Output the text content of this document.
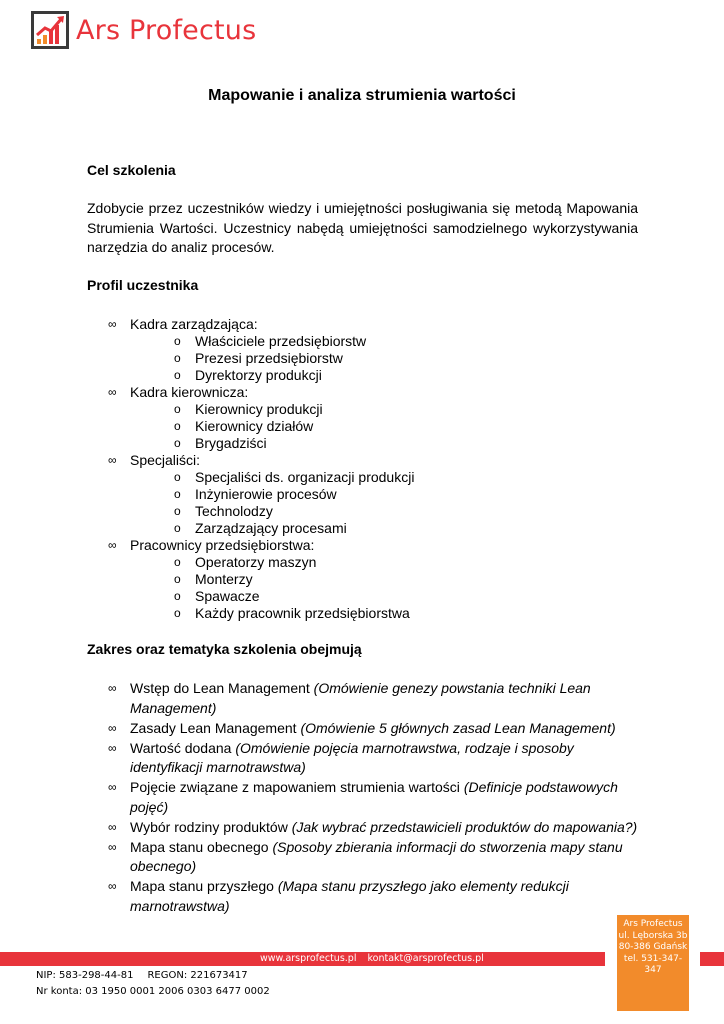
Ars Profectus
Mapowanie i analiza strumienia wartości
Cel szkolenia
Zdobycie przez uczestników wiedzy i umiejętności posługiwania się metodą Mapowania Strumienia Wartości. Uczestnicy nabędą umiejętności samodzielnego wykorzystywania narzędzia do analiz procesów.
Profil uczestnika
∞ Kadra zarządzająca:
o Właściciele przedsiębiorstw
o Prezesi przedsiębiorstw
o Dyrektorzy produkcji
∞ Kadra kierownicza:
o Kierownicy produkcji
o Kierownicy działów
o Brygadziści
∞ Specjaliści:
o Specjaliści ds. organizacji produkcji
o Inżynierowie procesów
o Technolodzy
o Zarządzający procesami
∞ Pracownicy przedsiębiorstwa:
o Operatorzy maszyn
o Monterzy
o Spawacze
o Każdy pracownik przedsiębiorstwa
Zakres oraz tematyka szkolenia obejmują
∞ Wstęp do Lean Management (Omówienie genezy powstania techniki Lean Management)
∞ Zasady Lean Management (Omówienie 5 głównych zasad Lean Management)
∞ Wartość dodana (Omówienie pojęcia marnotrawstwa, rodzaje i sposoby identyfikacji marnotrawstwa)
∞ Pojęcie związane z mapowaniem strumienia wartości (Definicje podstawowych pojęć)
∞ Wybór rodziny produktów (Jak wybrać przedstawicieli produktów do mapowania?)
∞ Mapa stanu obecnego (Sposoby zbierania informacji do stworzenia mapy stanu obecnego)
∞ Mapa stanu przyszłego (Mapa stanu przyszłego jako elementy redukcji marnotrawstwa)
Ars Profectus
ul. Lęborska 3b
80-386 Gdańsk
tel. 531-347-347
www.arsprofectus.pl kontakt@arsprofectus.pl
NIP: 583-298-44-81 REGON: 221673417
Nr konta: 03 1950 0001 2006 0303 6477 0002
